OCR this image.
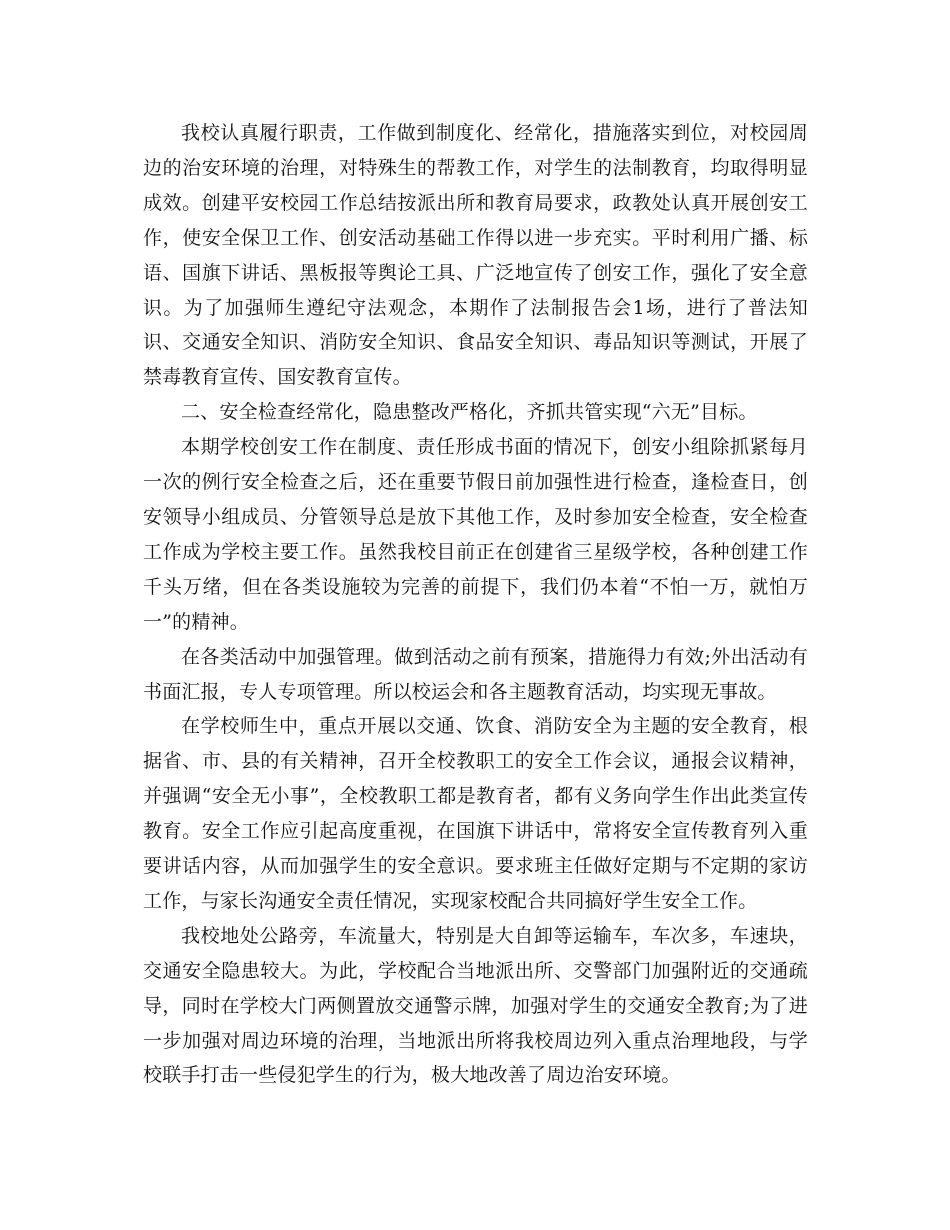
我校认真履行职责，工作做到制度化、经常化，措施落实到位，对校园周边的治安环境的治理，对特殊生的帮教工作，对学生的法制教育，均取得明显成效。创建平安校园工作总结按派出所和教育局要求，政教处认真开展创安工作，使安全保卫工作、创安活动基础工作得以进一步充实。平时利用广播、标语、国旗下讲话、黑板报等舆论工具、广泛地宣传了创安工作，强化了安全意识。为了加强师生遵纪守法观念，本期作了法制报告会1场，进行了普法知识、交通安全知识、消防安全知识、食品安全知识、毒品知识等测试，开展了禁毒教育宣传、国安教育宣传。

二、安全检查经常化，隐患整改严格化，齐抓共管实现“六无”目标。

本期学校创安工作在制度、责任形成书面的情况下，创安小组除抓紧每月一次的例行安全检查之后，还在重要节假日前加强性进行检查，逢检查日，创安领导小组成员、分管领导总是放下其他工作，及时参加安全检查，安全检查工作成为学校主要工作。虽然我校目前正在创建省三星级学校，各种创建工作千头万绪，但在各类设施较为完善的前提下，我们仍本着“不怕一万，就怕万一”的精神。

在各类活动中加强管理。做到活动之前有预案，措施得力有效;外出活动有书面汇报，专人专项管理。所以校运会和各主题教育活动，均实现无事故。

在学校师生中，重点开展以交通、饮食、消防安全为主题的安全教育，根据省、市、县的有关精神，召开全校教职工的安全工作会议，通报会议精神，并强调“安全无小事”，全校教职工都是教育者，都有义务向学生作出此类宣传教育。安全工作应引起高度重视，在国旗下讲话中，常将安全宣传教育列入重要讲话内容，从而加强学生的安全意识。要求班主任做好定期与不定期的家访工作，与家长沟通安全责任情况，实现家校配合共同搞好学生安全工作。

我校地处公路旁，车流量大，特别是大自卸等运输车，车次多，车速块，交通安全隐患较大。为此，学校配合当地派出所、交警部门加强附近的交通疏导，同时在学校大门两侧置放交通警示牌，加强对学生的交通安全教育;为了进一步加强对周边环境的治理，当地派出所将我校周边列入重点治理地段，与学校联手打击一些侵犯学生的行为，极大地改善了周边治安环境。
